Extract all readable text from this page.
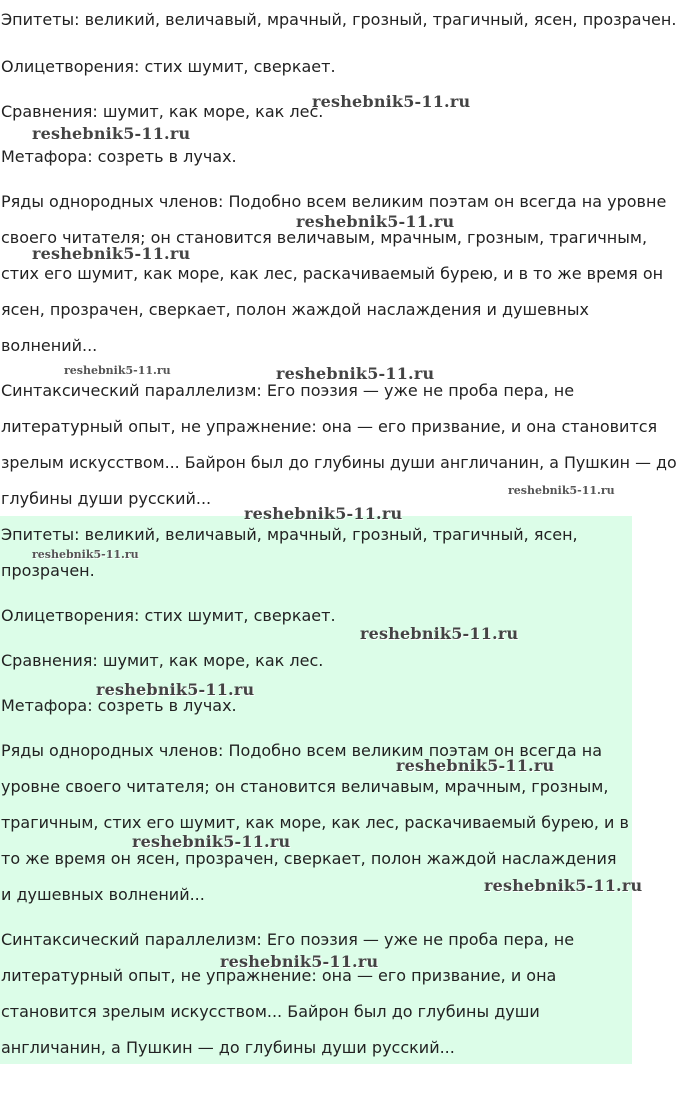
Эпитеты: великий, величавый, мрачный, грозный, трагичный, ясен, прозрачен.
Олицетворения: стих шумит, сверкает.
Сравнения: шумит, как море, как лес.
Метафора: созреть в лучах.
Ряды однородных членов: Подобно всем великим поэтам он всегда на уровне
своего читателя; он становится величавым, мрачным, грозным, трагичным,
стих его шумит, как море, как лес, раскачиваемый бурею, и в то же время он
ясен, прозрачен, сверкает, полон жаждой наслаждения и душевных
волнений...
Синтаксический параллелизм: Его поэзия — уже не проба пера, не
литературный опыт, не упражнение: она — его призвание, и она становится
зрелым искусством... Байрон был до глубины души англичанин, а Пушкин — до
глубины души русский...
Эпитеты: великий, величавый, мрачный, грозный, трагичный, ясен,
прозрачен.
Олицетворения: стих шумит, сверкает.
Сравнения: шумит, как море, как лес.
Метафора: созреть в лучах.
Ряды однородных членов: Подобно всем великим поэтам он всегда на
уровне своего читателя; он становится величавым, мрачным, грозным,
трагичным, стих его шумит, как море, как лес, раскачиваемый бурею, и в
то же время он ясен, прозрачен, сверкает, полон жаждой наслаждения
и душевных волнений...
Синтаксический параллелизм: Его поэзия — уже не проба пера, не
литературный опыт, не упражнение: она — его призвание, и она
становится зрелым искусством... Байрон был до глубины души
англичанин, а Пушкин — до глубины души русский...
reshebnik5-11.ru
reshebnik5-11.ru
reshebnik5-11.ru
reshebnik5-11.ru
reshebnik5-11.ru	reshebnik5-11.ru
reshebnik5-11.ru
reshebnik5-11.ru
reshebnik5-11.ru
reshebnik5-11.ru
reshebnik5-11.ru
reshebnik5-11.ru
reshebnik5-11.ru
reshebnik5-11.ru
reshebnik5-11.ru
